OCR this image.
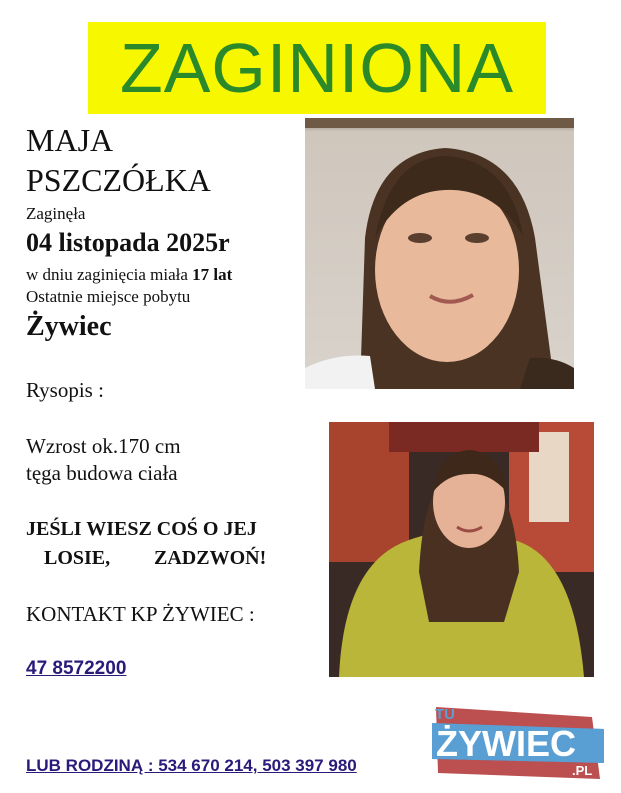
ZAGINIONA
MAJA
PSZCZÓŁKA
Zaginęła
04 listopada 2025r
w dniu zaginięcia miała 17 lat
Ostatnie miejsce pobytu
Żywiec
Rysopis :
Wzrost ok.170 cm
tęga budowa ciała
JEŚLI WIESZ COŚ O JEJ
LOSIE, ZADZWOŃ!
KONTAKT KP ŻYWIEC :
47 8572200
LUB RODZINĄ : 534 670 214, 503 397 980
TU
ŻYWIEC
.PL
